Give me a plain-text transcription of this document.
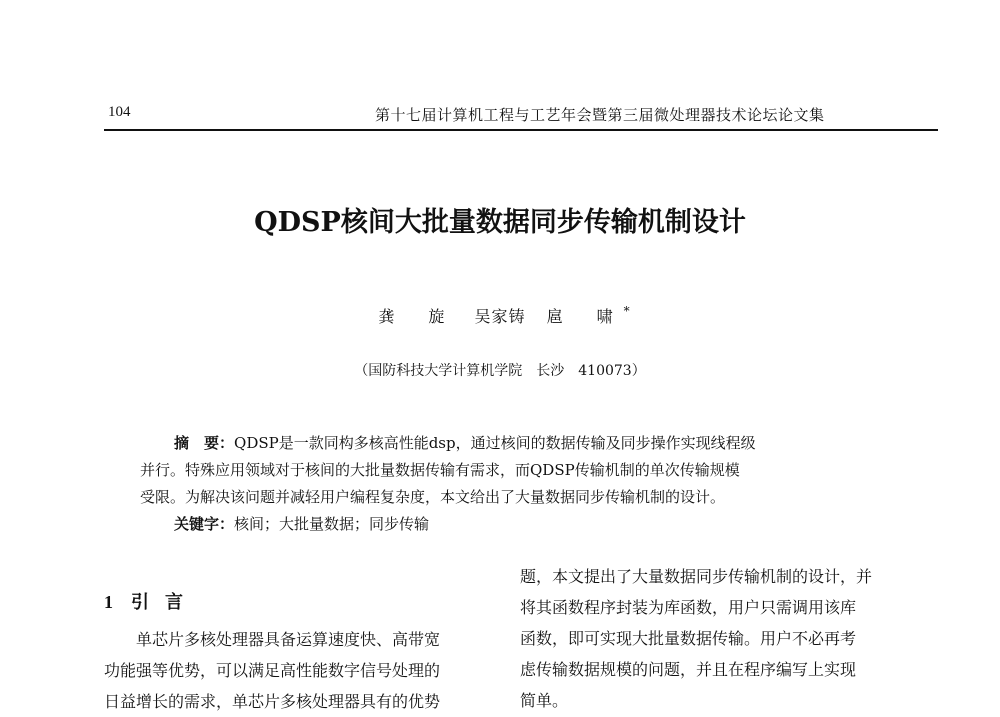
104	第十七届计算机工程与工艺年会暨第三届微处理器技术论坛论文集
QDSP核间大批量数据同步传输机制设计
龚　旋 吴家铸 扈　啸 *
（国防科技大学计算机学院　长沙　410073）
摘　要：QDSP是一款同构多核高性能dsp，通过核间的数据传输及同步操作实现线程级
并行。特殊应用领域对于核间的大批量数据传输有需求，而QDSP传输机制的单次传输规模
受限。为解决该问题并减轻用户编程复杂度，本文给出了大量数据同步传输机制的设计。
关键字：核间；大批量数据；同步传输
1 引 言
单芯片多核处理器具备运算速度快、高带宽
功能强等优势，可以满足高性能数字信号处理的
日益增长的需求，单芯片多核处理器具有的优势
题，本文提出了大量数据同步传输机制的设计，并
将其函数程序封装为库函数，用户只需调用该库
函数，即可实现大批量数据传输。用户不必再考
虑传输数据规模的问题，并且在程序编写上实现
简单。
